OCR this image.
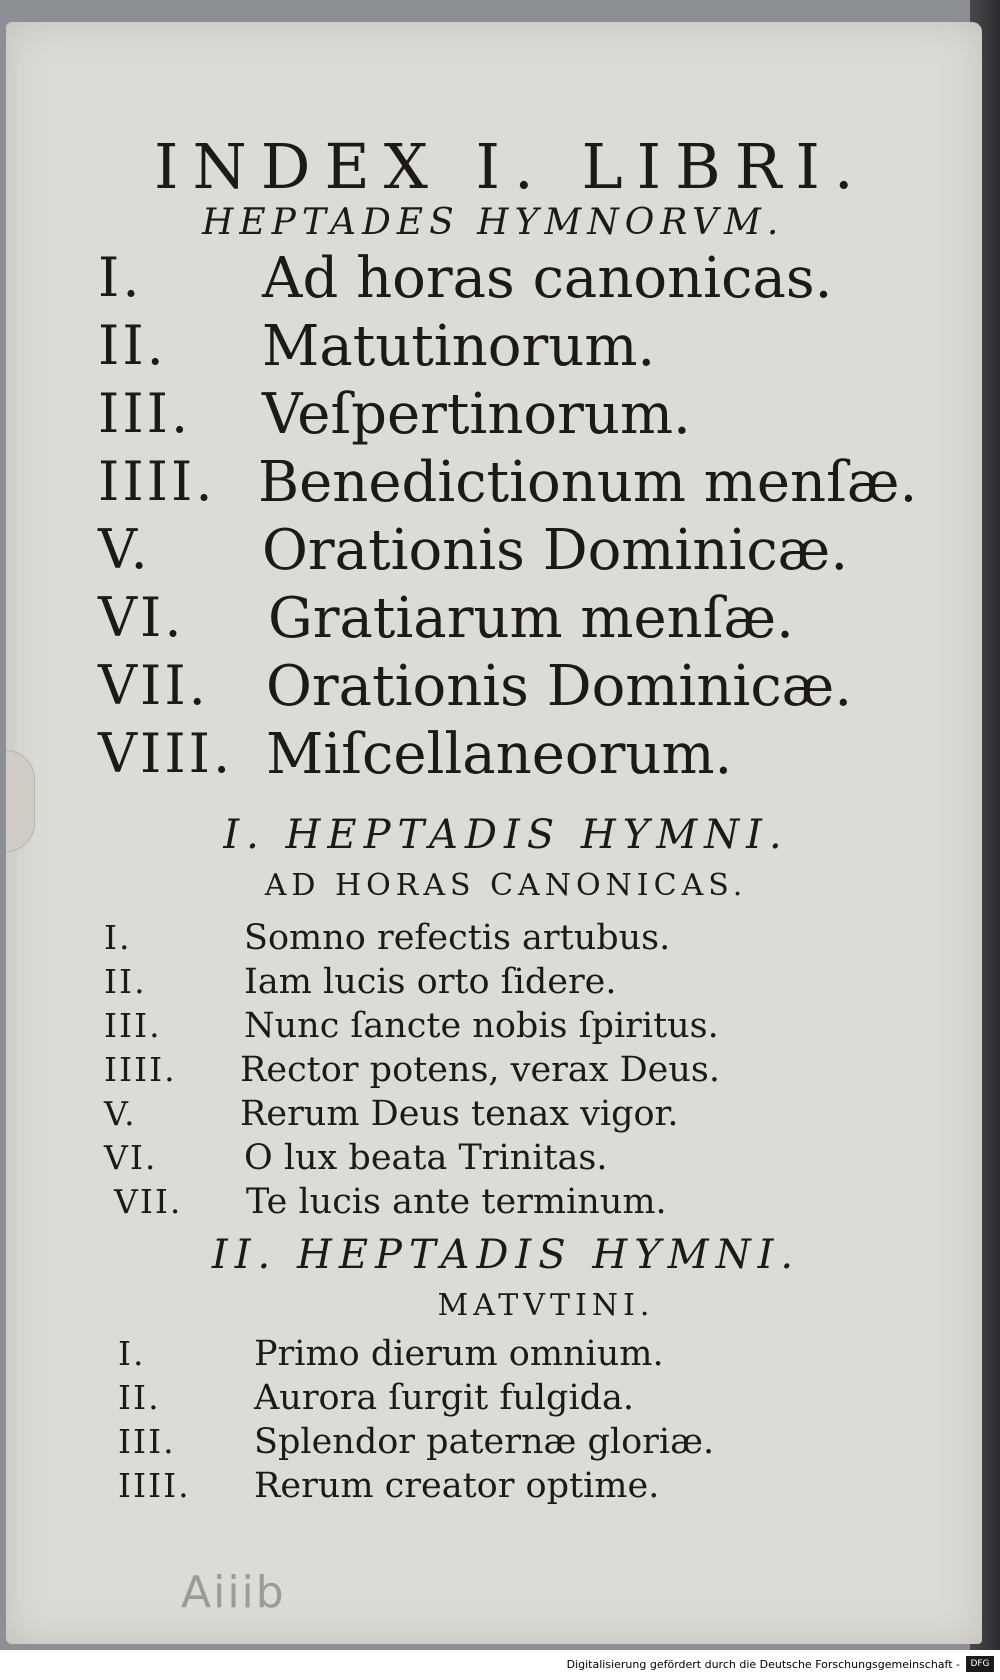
INDEX I. LIBRI.
HEPTADES HYMNORVM.
I. Ad horas canonicas.
II. Matutinorum.
III. Veſpertinorum.
IIII. Benedictionum menſæ.
V. Orationis Dominicæ.
VI. Gratiarum menſæ.
VII. Orationis Dominicæ.
VIII. Miſcellaneorum.
I. HEPTADIS HYMNI.
AD HORAS CANONICAS.
I.	Somno refectis artubus.
II.	Iam lucis orto ſidere.
III. Nunc ſancte nobis ſpiritus.
IIII. Rector potens, verax Deus.
V.	Rerum Deus tenax vigor.
VI. O lux beata Trinitas.
VII. Te lucis ante terminum.
II. HEPTADIS HYMNI.
MATVTINI.
I.	Primo dierum omnium.
II.	Aurora ſurgit fulgida.
III. Splendor paternæ gloriæ.
IIII. Rerum creator optime.
Aiiib
Digitalisierung gefördert durch die Deutsche Forschungsgemeinschaft -	DFG
